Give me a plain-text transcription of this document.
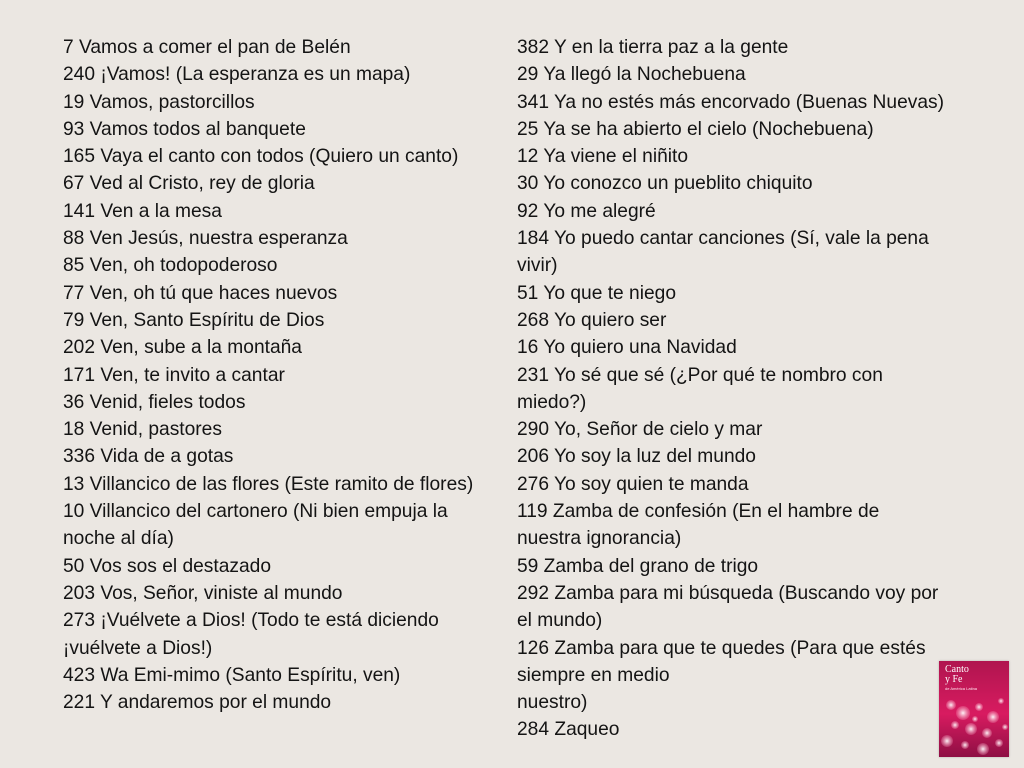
7 Vamos a comer el pan de Belén
240 ¡Vamos! (La esperanza es un mapa)
19 Vamos, pastorcillos
93 Vamos todos al banquete
165 Vaya el canto con todos (Quiero un canto)
67 Ved al Cristo, rey de gloria
141 Ven a la mesa
88 Ven Jesús, nuestra esperanza
85 Ven, oh todopoderoso
77 Ven, oh tú que haces nuevos
79 Ven, Santo Espíritu de Dios
202 Ven, sube a la montaña
171 Ven, te invito a cantar
36 Venid, fieles todos
18 Venid, pastores
336 Vida de a gotas
13 Villancico de las flores (Este ramito de flores)
10 Villancico del cartonero (Ni bien empuja la
noche al día)
50 Vos sos el destazado
203 Vos, Señor, viniste al mundo
273 ¡Vuélvete a Dios! (Todo te está diciendo
¡vuélvete a Dios!)
423 Wa Emi-mimo (Santo Espíritu, ven)
221 Y andaremos por el mundo
382 Y en la tierra paz a la gente
29 Ya llegó la Nochebuena
341 Ya no estés más encorvado (Buenas Nuevas)
25 Ya se ha abierto el cielo (Nochebuena)
12 Ya viene el niñito
30 Yo conozco un pueblito chiquito
92 Yo me alegré
184 Yo puedo cantar canciones (Sí, vale la pena
vivir)
51 Yo que te niego
268 Yo quiero ser
16 Yo quiero una Navidad
231 Yo sé que sé (¿Por qué te nombro con
miedo?)
290 Yo, Señor de cielo y mar
206 Yo soy la luz del mundo
276 Yo soy quien te manda
119 Zamba de confesión (En el hambre de
nuestra ignorancia)
59 Zamba del grano de trigo
292 Zamba para mi búsqueda (Buscando voy por
el mundo)
126 Zamba para que te quedes (Para que estés
siempre en medio
nuestro)
284 Zaqueo
Canto
y Fe
de América Latina
